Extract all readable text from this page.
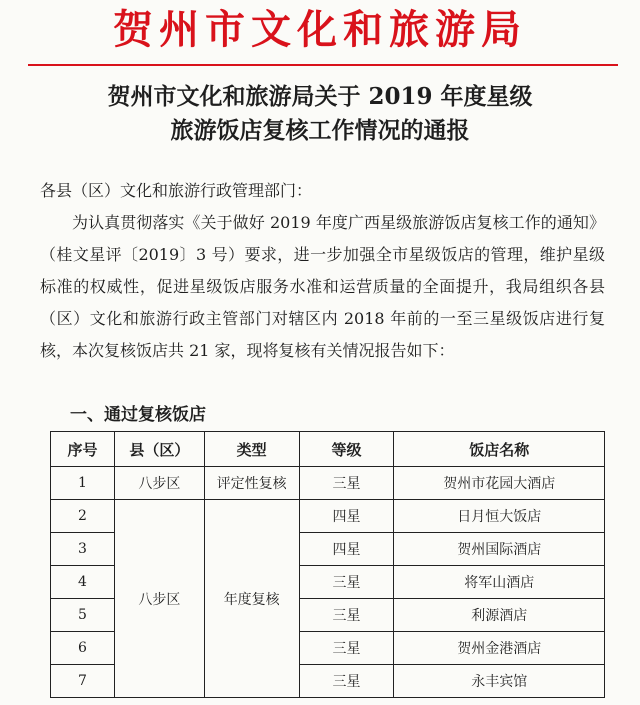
贺州市文化和旅游局
贺州市文化和旅游局关于 2019 年度星级
旅游饭店复核工作情况的通报
各县（区）文化和旅游行政管理部门：

为认真贯彻落实《关于做好 2019 年度广西星级旅游饭店复核工作的通知》（桂文星评〔2019〕3 号）要求，进一步加强全市星级饭店的管理，维护星级标准的权威性，促进星级饭店服务水准和运营质量的全面提升，我局组织各县（区）文化和旅游行政主管部门对辖区内 2018 年前的一至三星级饭店进行复核，本次复核饭店共 21 家，现将复核有关情况报告如下：

一、通过复核饭店
序号	县（区）	类型	等级	饭店名称
1	八步区	评定性复核	三星	贺州市花园大酒店
2	八步区	年度复核	四星	日月恒大饭店
3			四星	贺州国际酒店
4			三星	将军山酒店
5			三星	利源酒店
6			三星	贺州金港酒店
7			三星	永丰宾馆
